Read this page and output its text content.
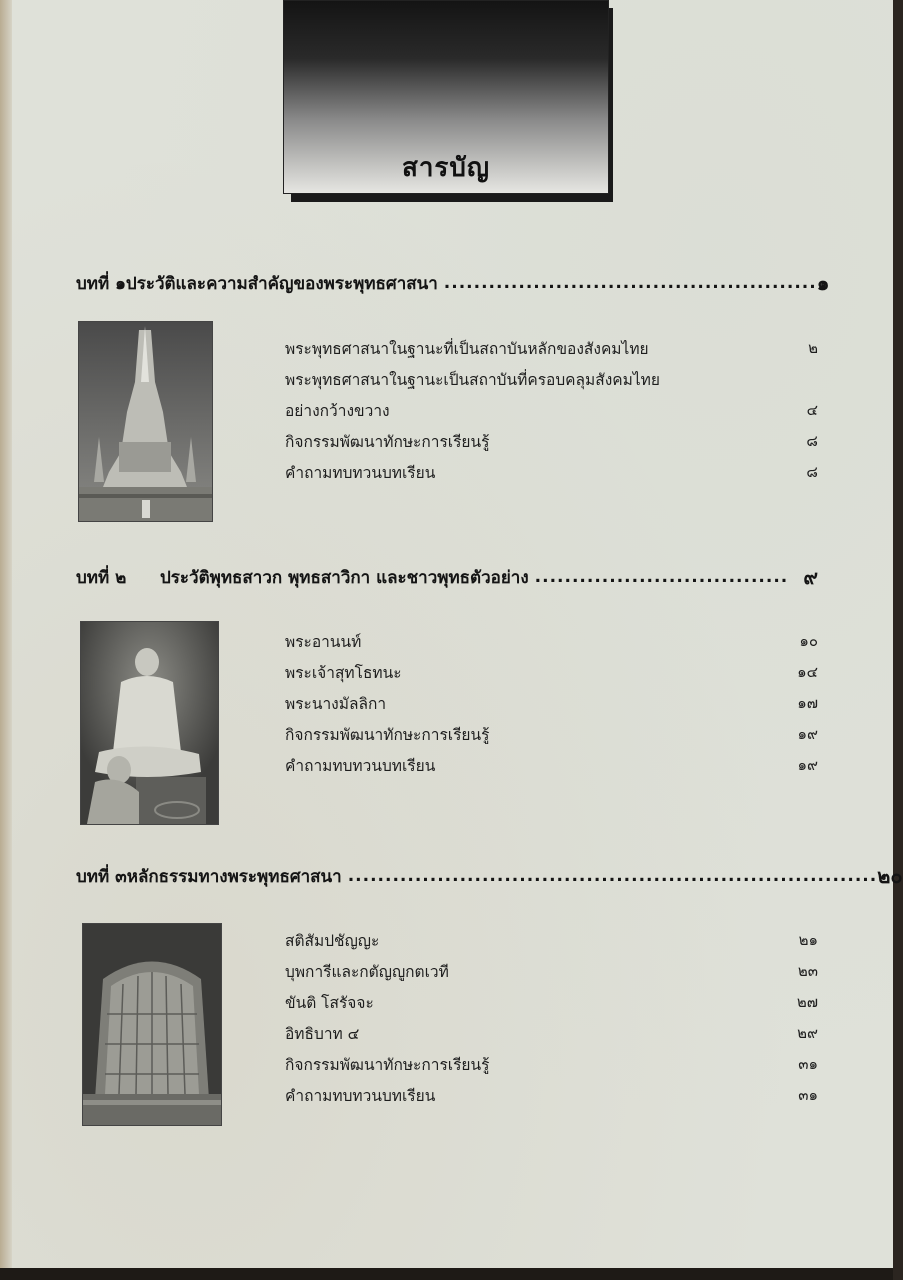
สารบัญ
บทที่ ๑ ประวัติและความสำคัญของพระพุทธศาสนา .................................................. ๑
พระพุทธศาสนาในฐานะที่เป็นสถาบันหลักของสังคมไทย	๒
พระพุทธศาสนาในฐานะเป็นสถาบันที่ครอบคลุมสังคมไทย
อย่างกว้างขวาง	๔
กิจกรรมพัฒนาทักษะการเรียนรู้	๘
คำถามทบทวนบทเรียน	๘
บทที่ ๒	ประวัติพุทธสาวก พุทธสาวิกา และชาวพุทธตัวอย่าง .................................. ๙
พระอานนท์	๑๐
พระเจ้าสุทโธทนะ	๑๔
พระนางมัลลิกา	๑๗
กิจกรรมพัฒนาทักษะการเรียนรู้	๑๙
คำถามทบทวนบทเรียน	๑๙
บทที่ ๓ หลักธรรมทางพระพุทธศาสนา ....................................................................... ๒๐
สติสัมปชัญญะ	๒๑
บุพการีและกตัญญูกตเวที	๒๓
ขันติ โสรัจจะ	๒๗
อิทธิบาท ๔	๒๙
กิจกรรมพัฒนาทักษะการเรียนรู้	๓๑
คำถามทบทวนบทเรียน	๓๑
